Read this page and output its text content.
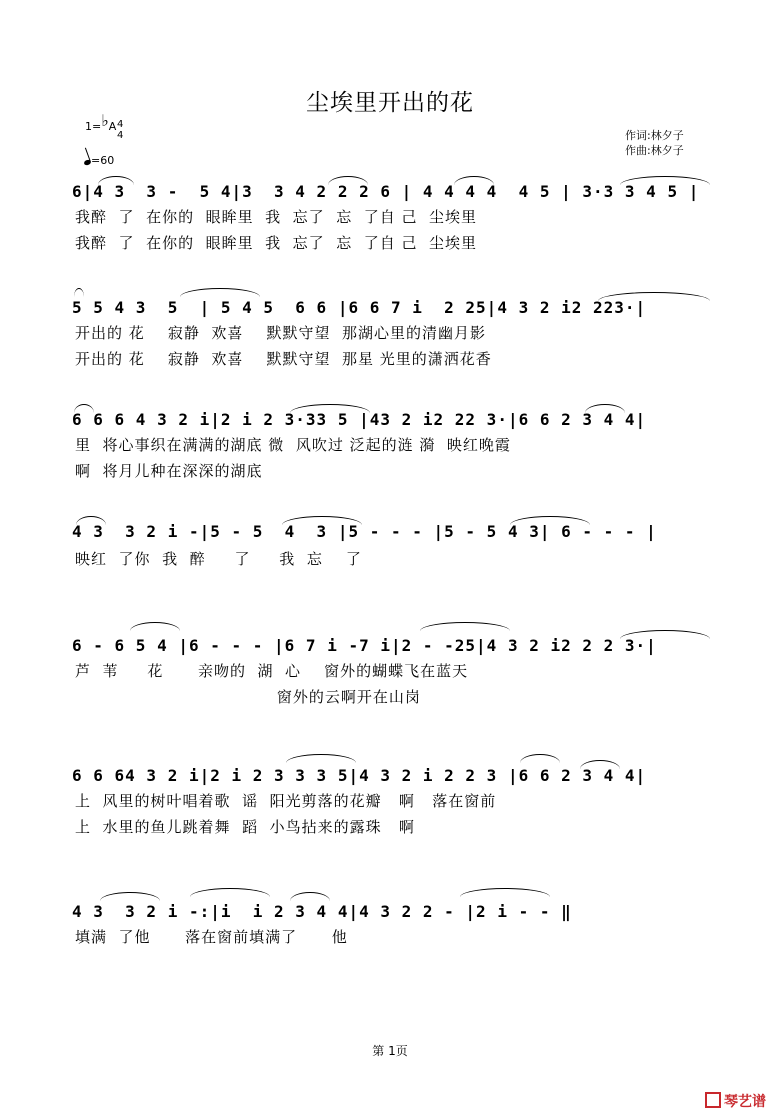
尘埃里开出的花
1=♭A 4
4
=60
作词:林夕子
作曲:林夕子
6|4 3  3 -  5 4|3  3 4 2 2 2 6 | 4 4 4 4  4 5 | 3·3 3 4 5 |
我醉  了  在你的  眼眸里  我  忘了  忘  了自 己  尘埃里
我醉  了  在你的  眼眸里  我  忘了  忘  了自 己  尘埃里
5 5 4 3  5  | 5 4 5  6 6 |6 6 7 i  2 25|4 3 2 i2 223·|
开出的 花    寂静  欢喜    默默守望  那湖心里的清幽月影
开出的 花    寂静  欢喜    默默守望  那星 光里的潇洒花香
6 6 6 4 3 2 i|2 i 2 3·33 5 |43 2 i2 22 3·|6 6 2 3 4 4|
里  将心事织在满满的湖底 微  风吹过 泛起的涟 漪  映红晚霞
啊  将月儿种在深深的湖底
4 3  3 2 i -|5 - 5  4  3 |5 - - - |5 - 5 4 3| 6 - - - |
映红  了你  我  醉     了     我  忘    了
6 - 6 5 4 |6 - - - |6 7 i -7 i|2 - -25|4 3 2 i2 2 2 3·|
芦  苇     花      亲吻的  湖  心    窗外的蝴蝶飞在蓝天
窗外的云啊开在山岗
6 6 64 3 2 i|2 i 2 3 3 3 5|4 3 2 i 2 2 3 |6 6 2 3 4 4|
上  风里的树叶唱着歌  谣  阳光剪落的花瓣   啊   落在窗前
上  水里的鱼儿跳着舞  蹈  小鸟拈来的露珠   啊
4 3  3 2 i -:|i  i 2 3 4 4|4 3 2 2 - |2 i - - ‖
填满  了他      落在窗前填满了      他
第 1页
琴艺谱
